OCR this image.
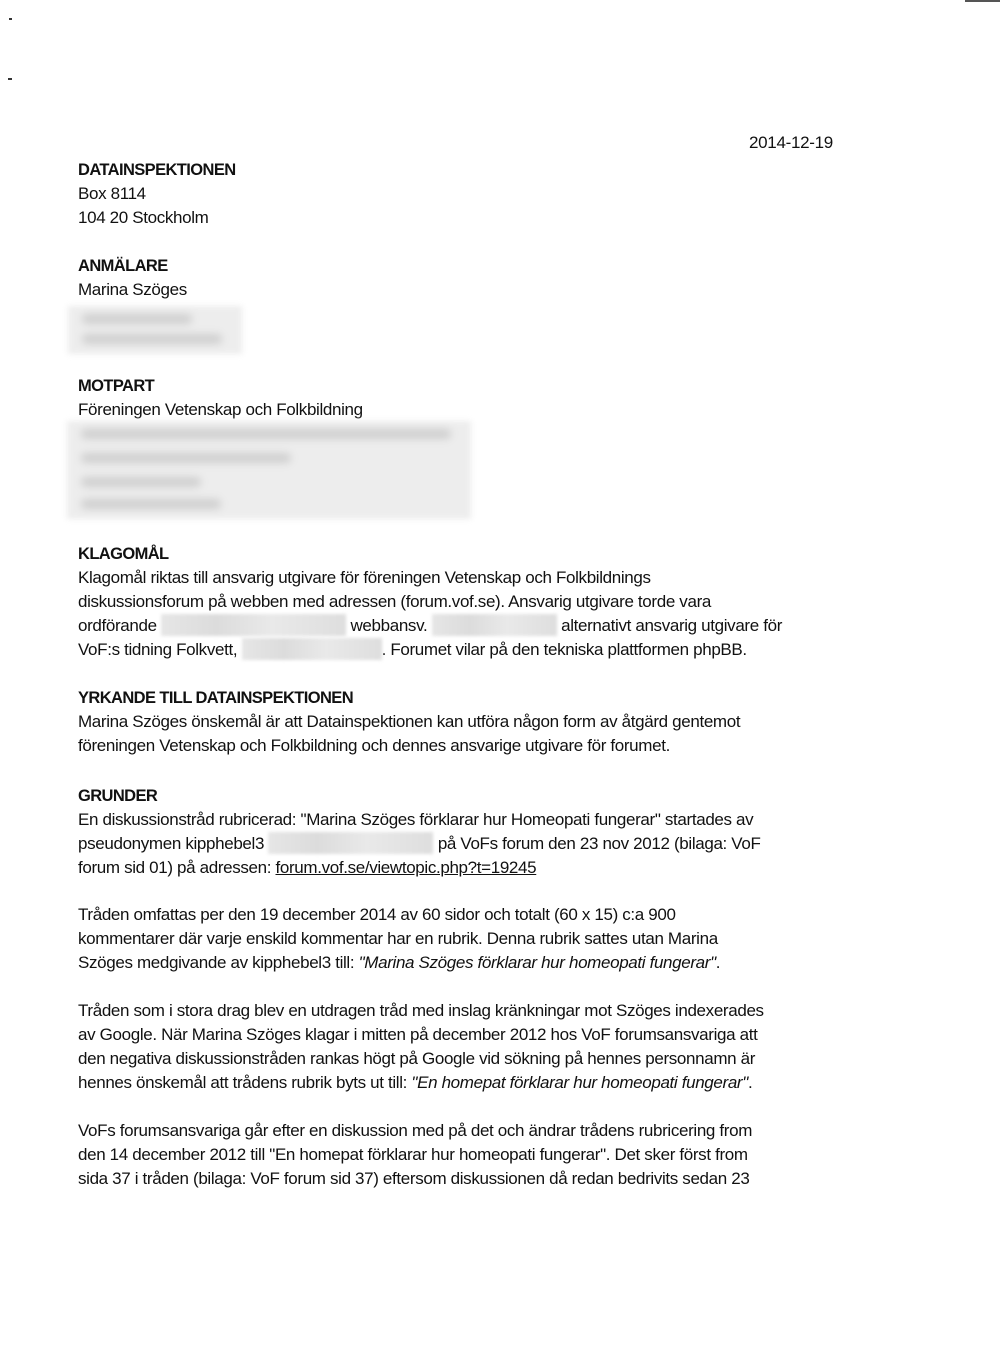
2014-12-19
DATAINSPEKTIONEN
Box 8114
104 20 Stockholm
ANMÄLARE
Marina Szöges
MOTPART
Föreningen Vetenskap och Folkbildning
KLAGOMÅL
Klagomål riktas till ansvarig utgivare för föreningen Vetenskap och Folkbildnings
diskussionsforum på webben med adressen (forum.vof.se). Ansvarig utgivare torde vara
ordförande	webbansv.	alternativt ansvarig utgivare för
VoF:s tidning Folkvett,	. Forumet vilar på den tekniska plattformen phpBB.
YRKANDE TILL DATAINSPEKTIONEN
Marina Szöges önskemål är att Datainspektionen kan utföra någon form av åtgärd gentemot
föreningen Vetenskap och Folkbildning och dennes ansvarige utgivare för forumet.
GRUNDER
En diskussionstråd rubricerad: "Marina Szöges förklarar hur Homeopati fungerar" startades av
pseudonymen kipphebel3	på VoFs forum den 23 nov 2012 (bilaga: VoF
forum sid 01) på adressen: forum.vof.se/viewtopic.php?t=19245
Tråden omfattas per den 19 december 2014 av 60 sidor och totalt (60 x 15) c:a 900
kommentarer där varje enskild kommentar har en rubrik. Denna rubrik sattes utan Marina
Szöges medgivande av kipphebel3 till: "Marina Szöges förklarar hur homeopati fungerar".
Tråden som i stora drag blev en utdragen tråd med inslag kränkningar mot Szöges indexerades
av Google. När Marina Szöges klagar i mitten på december 2012 hos VoF forumsansvariga att
den negativa diskussionstråden rankas högt på Google vid sökning på hennes personnamn är
hennes önskemål att trådens rubrik byts ut till: "En homepat förklarar hur homeopati fungerar".
VoFs forumsansvariga går efter en diskussion med på det och ändrar trådens rubricering from
den 14 december 2012 till "En homepat förklarar hur homeopati fungerar". Det sker först from
sida 37 i tråden (bilaga: VoF forum sid 37) eftersom diskussionen då redan bedrivits sedan 23
